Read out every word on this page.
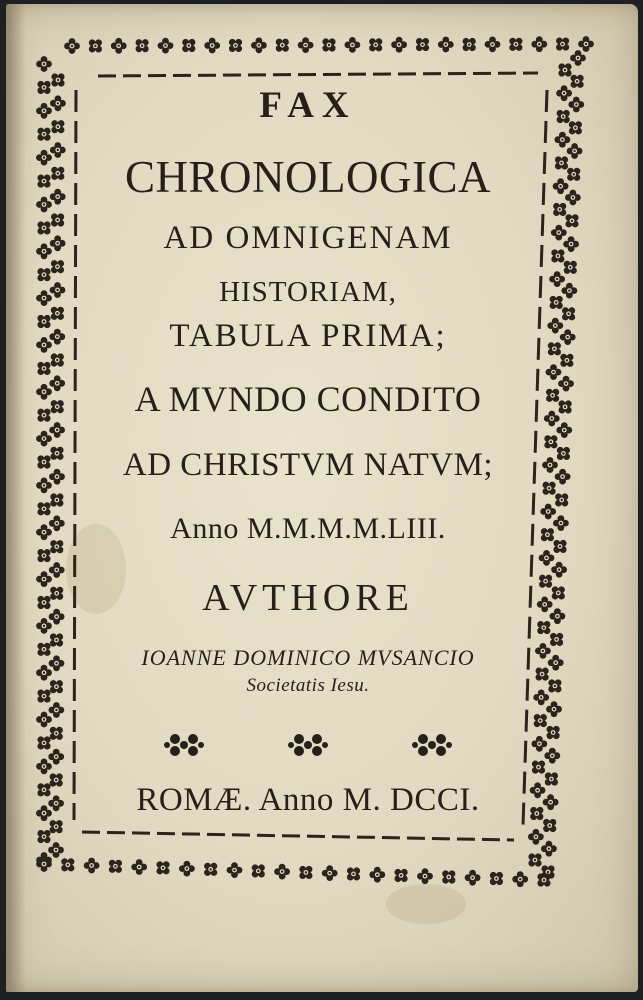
FAX
CHRONOLOGICA
AD OMNIGENAM
HISTORIAM,
TABULA PRIMA;
A MVNDO CONDITO
AD CHRISTVM NATVM;
Anno M.M.M.M.LIII.
AVTHORE
IOANNE DOMINICO MVSANCIO
Societatis Iesu.

ROMÆ. Anno M. DCCI.
